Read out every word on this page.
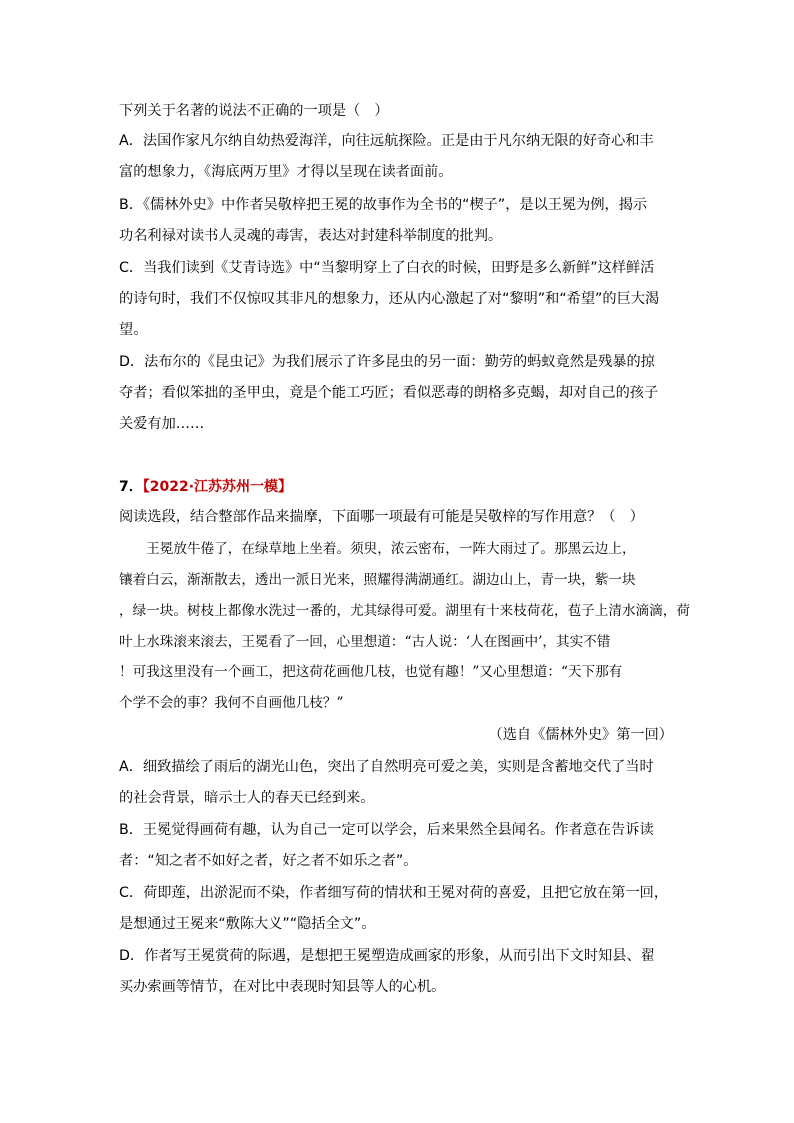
下列关于名著的说法不正确的一项是（　）
A．法国作家凡尔纳自幼热爱海洋，向往远航探险。正是由于凡尔纳无限的好奇心和丰
富的想象力，《海底两万里》才得以呈现在读者面前。
B．《儒林外史》中作者吴敬梓把王冕的故事作为全书的“楔子”，是以王冕为例，揭示
功名利禄对读书人灵魂的毒害，表达对封建科举制度的批判。
C．当我们读到《艾青诗选》中“当黎明穿上了白衣的时候，田野是多么新鲜”这样鲜活
的诗句时，我们不仅惊叹其非凡的想象力，还从内心激起了对“黎明”和“希望”的巨大渴
望。
D．法布尔的《昆虫记》为我们展示了许多昆虫的另一面：勤劳的蚂蚁竟然是残暴的掠
夺者；看似笨拙的圣甲虫，竟是个能工巧匠；看似恶毒的朗格多克蝎，却对自己的孩子
关爱有加……
7．【2022·江苏苏州一模】
阅读选段，结合整部作品来揣摩，下面哪一项最有可能是吴敬梓的写作用意？（　）
　　王冕放牛倦了，在绿草地上坐着。须臾，浓云密布，一阵大雨过了。那黑云边上，
镶着白云，渐渐散去，透出一派日光来，照耀得满湖通红。湖边山上，青一块，紫一块
，绿一块。树枝上都像水洗过一番的，尤其绿得可爱。湖里有十来枝荷花，苞子上清水滴滴，荷
叶上水珠滚来滚去，王冕看了一回，心里想道：“古人说：‘人在图画中’，其实不错
！可我这里没有一个画工，把这荷花画他几枝，也觉有趣！”又心里想道：“天下那有
个学不会的事？我何不自画他几枝？”
（选自《儒林外史》第一回）
A．细致描绘了雨后的湖光山色，突出了自然明亮可爱之美，实则是含蓄地交代了当时
的社会背景，暗示士人的春天已经到来。
B．王冕觉得画荷有趣，认为自己一定可以学会，后来果然全县闻名。作者意在告诉读
者：“知之者不如好之者，好之者不如乐之者”。
C．荷即莲，出淤泥而不染，作者细写荷的情状和王冕对荷的喜爱，且把它放在第一回，
是想通过王冕来“敷陈大义”“隐括全文”。
D．作者写王冕赏荷的际遇，是想把王冕塑造成画家的形象，从而引出下文时知县、翟
买办索画等情节，在对比中表现时知县等人的心机。
